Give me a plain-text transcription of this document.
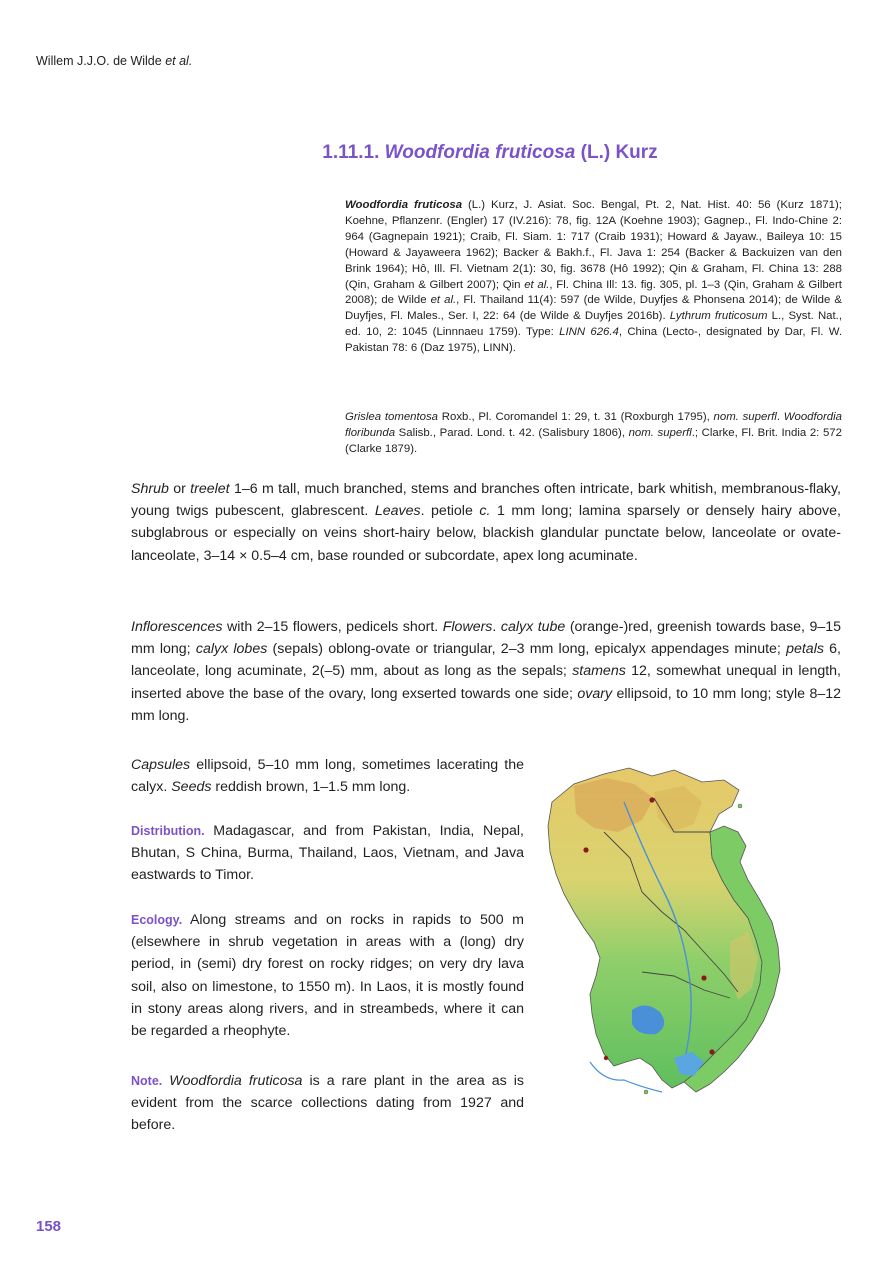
Willem J.J.O. de Wilde et al.
1.11.1. Woodfordia fruticosa (L.) Kurz
Woodfordia fruticosa (L.) Kurz, J. Asiat. Soc. Bengal, Pt. 2, Nat. Hist. 40: 56 (Kurz 1871); Koehne, Pflanzenr. (Engler) 17 (IV.216): 78, fig. 12A (Koehne 1903); Gagnep., Fl. Indo-Chine 2: 964 (Gagnepain 1921); Craib, Fl. Siam. 1: 717 (Craib 1931); Howard & Jayaw., Baileya 10: 15 (Howard & Jayaweera 1962); Backer & Bakh.f., Fl. Java 1: 254 (Backer & Backuizen van den Brink 1964); Hô, Ill. Fl. Vietnam 2(1): 30, fig. 3678 (Hô 1992); Qin & Graham, Fl. China 13: 288 (Qin, Graham & Gilbert 2007); Qin et al., Fl. China Ill: 13. fig. 305, pl. 1–3 (Qin, Graham & Gilbert 2008); de Wilde et al., Fl. Thailand 11(4): 597 (de Wilde, Duyfjes & Phonsena 2014); de Wilde & Duyfjes, Fl. Males., Ser. I, 22: 64 (de Wilde & Duyfjes 2016b). Lythrum fruticosum L., Syst. Nat., ed. 10, 2: 1045 (Linnnaeu 1759). Type: LINN 626.4, China (Lecto-, designated by Dar, Fl. W. Pakistan 78: 6 (Daz 1975), LINN).
Grislea tomentosa Roxb., Pl. Coromandel 1: 29, t. 31 (Roxburgh 1795), nom. superfl. Woodfordia floribunda Salisb., Parad. Lond. t. 42. (Salisbury 1806), nom. superfl.; Clarke, Fl. Brit. India 2: 572 (Clarke 1879).
Shrub or treelet 1–6 m tall, much branched, stems and branches often intricate, bark whitish, membranous-flaky, young twigs pubescent, glabrescent. Leaves. petiole c. 1 mm long; lamina sparsely or densely hairy above, subglabrous or especially on veins short-hairy below, blackish glandular punctate below, lanceolate or ovate-lanceolate, 3–14 × 0.5–4 cm, base rounded or subcordate, apex long acuminate.
Inflorescences with 2–15 flowers, pedicels short. Flowers. calyx tube (orange-)red, greenish towards base, 9–15 mm long; calyx lobes (sepals) oblong-ovate or triangular, 2–3 mm long, epicalyx appendages minute; petals 6, lanceolate, long acuminate, 2(–5) mm, about as long as the sepals; stamens 12, somewhat unequal in length, inserted above the base of the ovary, long exserted towards one side; ovary ellipsoid, to 10 mm long; style 8–12 mm long.
Capsules ellipsoid, 5–10 mm long, sometimes lacerating the calyx. Seeds reddish brown, 1–1.5 mm long.
Distribution. Madagascar, and from Pakistan, India, Nepal, Bhutan, S China, Burma, Thailand, Laos, Vietnam, and Java eastwards to Timor.
Ecology. Along streams and on rocks in rapids to 500 m (elsewhere in shrub vegetation in areas with a (long) dry period, in (semi) dry forest on rocky ridges; on very dry lava soil, also on limestone, to 1550 m). In Laos, it is mostly found in stony areas along rivers, and in streambeds, where it can be regarded a rheophyte.
Note. Woodfordia fruticosa is a rare plant in the area as is evident from the scarce collections dating from 1927 and before.
158
